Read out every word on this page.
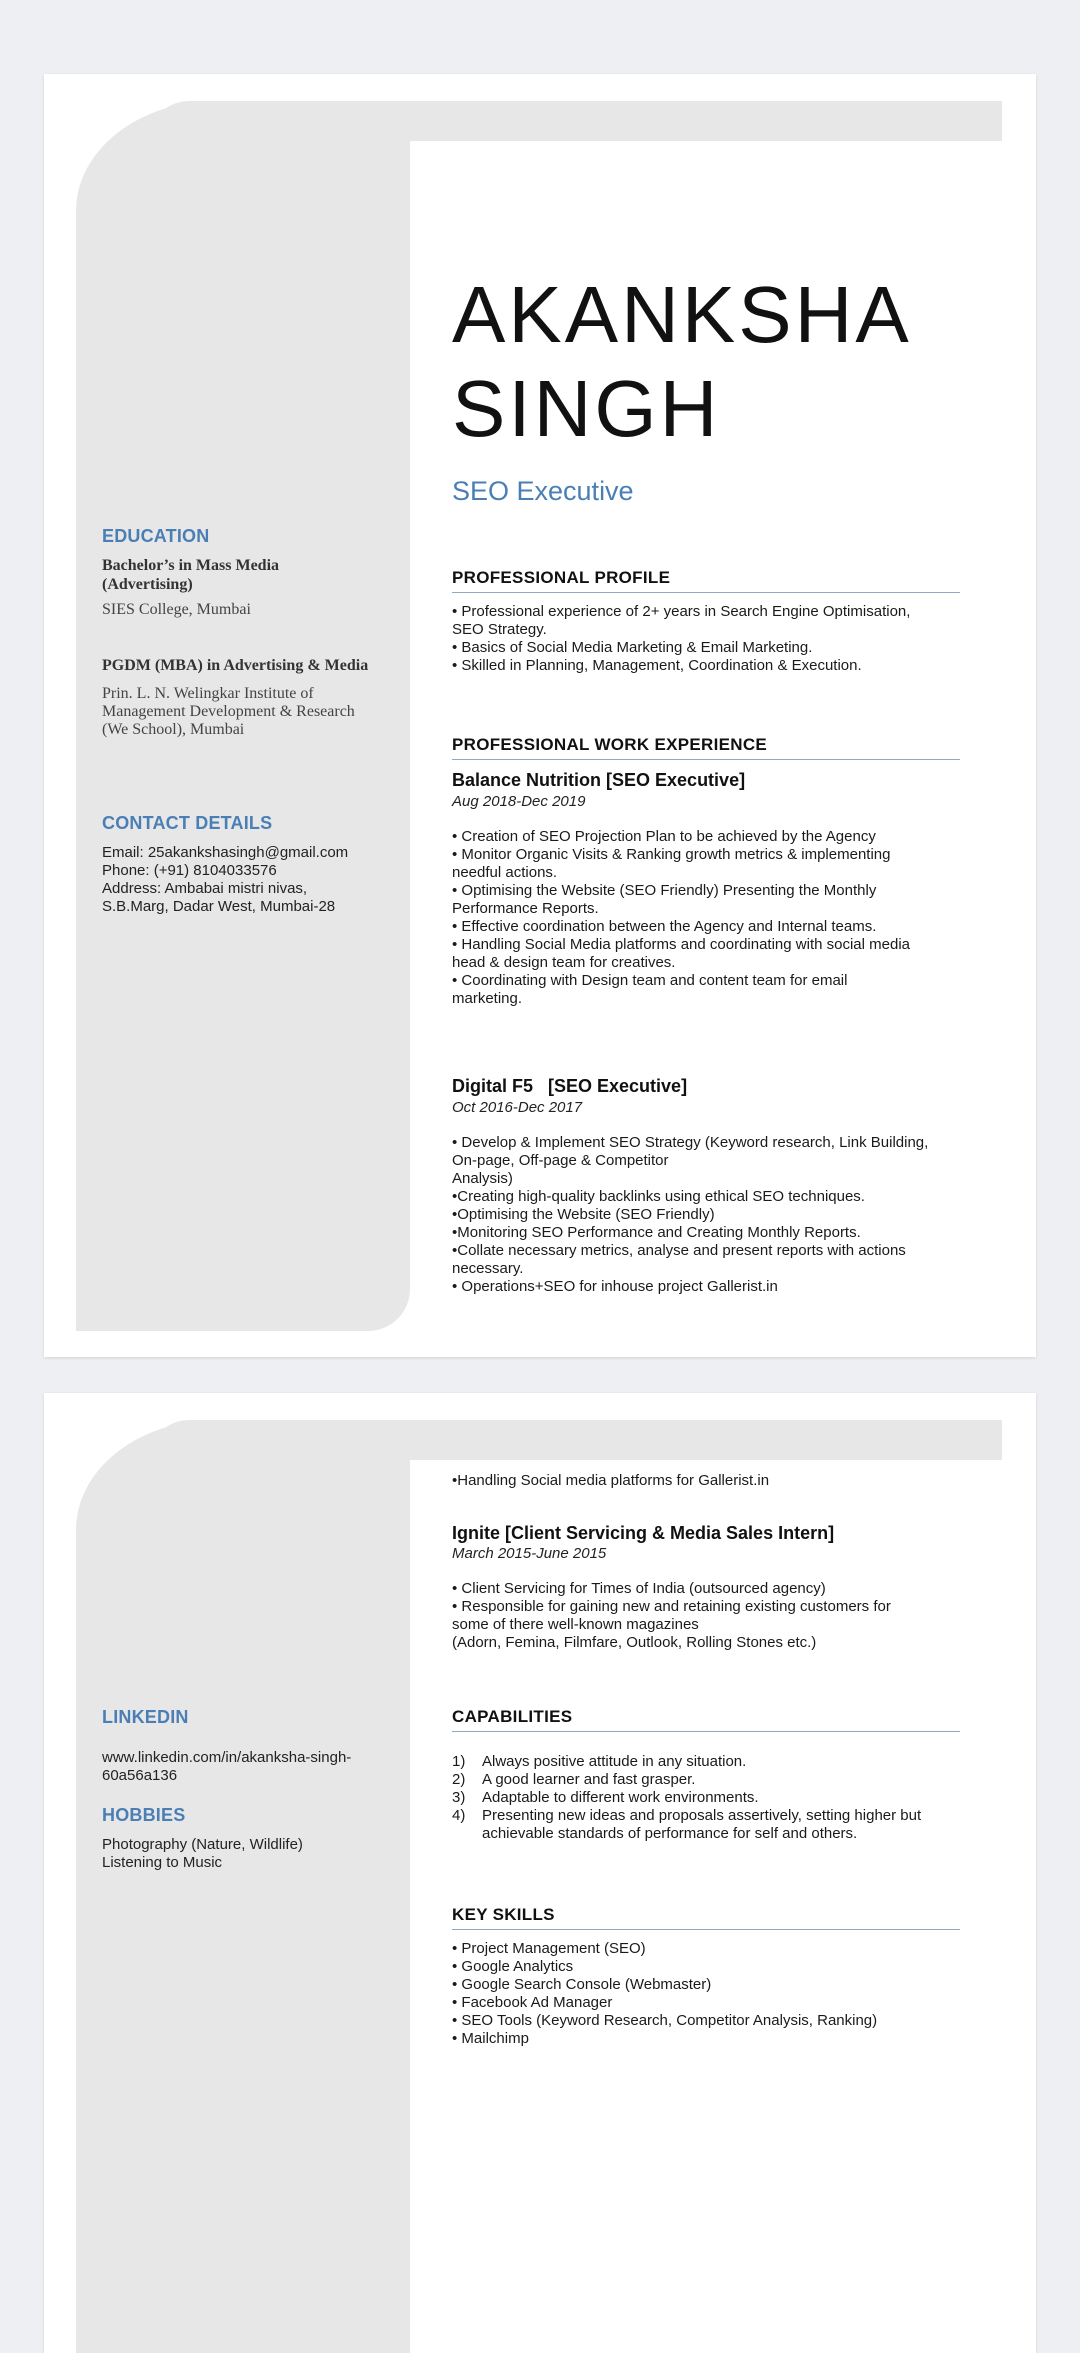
EDUCATION
Bachelor’s in Mass Media
(Advertising)
SIES College, Mumbai
PGDM (MBA) in Advertising & Media
Prin. L. N. Welingkar Institute of
Management Development & Research
(We School), Mumbai
CONTACT DETAILS
Email: 25akankshasingh@gmail.com
Phone: (+91) 8104033576
Address: Ambabai mistri nivas,
S.B.Marg, Dadar West, Mumbai-28
AKANKSHA
SINGH
SEO Executive
PROFESSIONAL PROFILE
• Professional experience of 2+ years in Search Engine Optimisation,
SEO Strategy.
• Basics of Social Media Marketing & Email Marketing.
• Skilled in Planning, Management, Coordination & Execution.
PROFESSIONAL WORK EXPERIENCE
Balance Nutrition [SEO Executive]
Aug 2018-Dec 2019
• Creation of SEO Projection Plan to be achieved by the Agency
• Monitor Organic Visits & Ranking growth metrics & implementing
needful actions.
• Optimising the Website (SEO Friendly) Presenting the Monthly
Performance Reports.
• Effective coordination between the Agency and Internal teams.
• Handling Social Media platforms and coordinating with social media
head & design team for creatives.
• Coordinating with Design team and content team for email
marketing.
Digital F5   [SEO Executive]
Oct 2016-Dec 2017
• Develop & Implement SEO Strategy (Keyword research, Link Building,
On-page, Off-page & Competitor
Analysis)
•Creating high-quality backlinks using ethical SEO techniques.
•Optimising the Website (SEO Friendly)
•Monitoring SEO Performance and Creating Monthly Reports.
•Collate necessary metrics, analyse and present reports with actions
necessary.
• Operations+SEO for inhouse project Gallerist.in
•Handling Social media platforms for Gallerist.in
Ignite [Client Servicing & Media Sales Intern]
March 2015-June 2015
• Client Servicing for Times of India (outsourced agency)
• Responsible for gaining new and retaining existing customers for
some of there well-known magazines
(Adorn, Femina, Filmfare, Outlook, Rolling Stones etc.)
LINKEDIN
www.linkedin.com/in/akanksha-singh-
60a56a136
HOBBIES
Photography (Nature, Wildlife)
Listening to Music
CAPABILITIES
1)	Always positive attitude in any situation.
2)	A good learner and fast grasper.
3)	Adaptable to different work environments.
4)	Presenting new ideas and proposals assertively, setting higher but achievable standards of performance for self and others.
KEY SKILLS
• Project Management (SEO)
• Google Analytics
• Google Search Console (Webmaster)
• Facebook Ad Manager
• SEO Tools (Keyword Research, Competitor Analysis, Ranking)
• Mailchimp
